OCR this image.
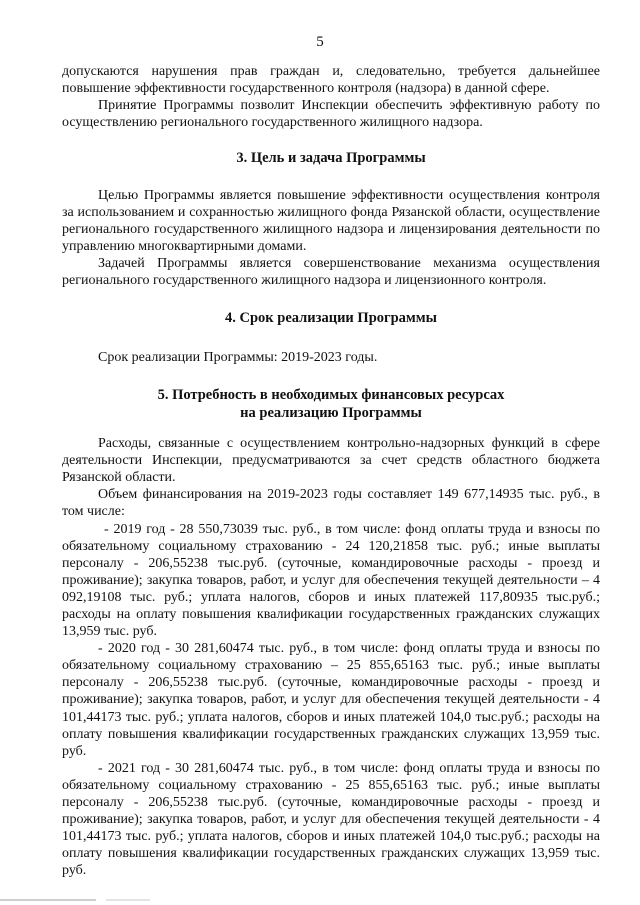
5

допускаются нарушения прав граждан и, следовательно, требуется дальнейшее повышение эффективности государственного контроля (надзора) в данной сфере.

Принятие Программы позволит Инспекции обеспечить эффективную работу по осуществлению регионального государственного жилищного надзора.

3. Цель и задача Программы

Целью Программы является повышение эффективности осуществления контроля за использованием и сохранностью жилищного фонда Рязанской области, осуществление регионального государственного жилищного надзора и лицензирования деятельности по управлению многоквартирными домами.

Задачей Программы является совершенствование механизма осуществления регионального государственного жилищного надзора и лицензионного контроля.

4. Срок реализации Программы

Срок реализации Программы: 2019-2023 годы.

5. Потребность в необходимых финансовых ресурсах

на реализацию Программы

Расходы, связанные с осуществлением контрольно-надзорных функций в сфере деятельности Инспекции, предусматриваются за счет средств областного бюджета Рязанской области.

Объем финансирования на 2019-2023 годы составляет 149 677,14935 тыс. руб., в том числе:

- 2019 год - 28 550,73039 тыс. руб., в том числе: фонд оплаты труда и взносы по обязательному социальному страхованию - 24 120,21858 тыс. руб.; иные выплаты персоналу - 206,55238 тыс.руб. (суточные, командировочные расходы - проезд и проживание); закупка товаров, работ, и услуг для обеспечения текущей деятельности – 4 092,19108 тыс. руб.; уплата налогов, сборов и иных платежей 117,80935 тыс.руб.; расходы на оплату повышения квалификации государственных гражданских служащих 13,959 тыс. руб.

- 2020 год - 30 281,60474 тыс. руб., в том числе: фонд оплаты труда и взносы по обязательному социальному страхованию – 25 855,65163 тыс. руб.; иные выплаты персоналу - 206,55238 тыс.руб. (суточные, командировочные расходы - проезд и проживание); закупка товаров, работ, и услуг для обеспечения текущей деятельности - 4 101,44173 тыс. руб.; уплата налогов, сборов и иных платежей 104,0 тыс.руб.; расходы на оплату повышения квалификации государственных гражданских служащих 13,959 тыс. руб.

- 2021 год - 30 281,60474 тыс. руб., в том числе: фонд оплаты труда и взносы по обязательному социальному страхованию - 25 855,65163 тыс. руб.; иные выплаты персоналу - 206,55238 тыс.руб. (суточные, командировочные расходы - проезд и проживание); закупка товаров, работ, и услуг для обеспечения текущей деятельности - 4 101,44173 тыс. руб.; уплата налогов, сборов и иных платежей 104,0 тыс.руб.; расходы на оплату повышения квалификации государственных гражданских служащих 13,959 тыс. руб.
